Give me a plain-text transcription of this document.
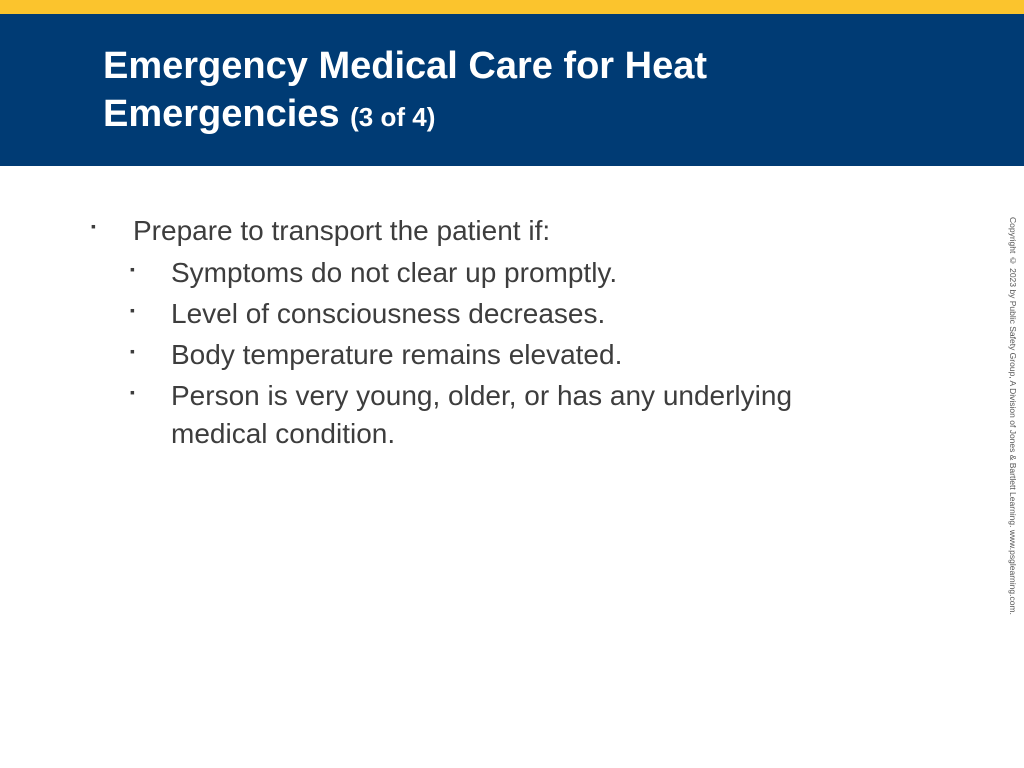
Emergency Medical Care for Heat Emergencies (3 of 4)
▪ Prepare to transport the patient if:
▪ Symptoms do not clear up promptly.
▪ Level of consciousness decreases.
▪ Body temperature remains elevated.
▪ Person is very young, older, or has any underlying medical condition.	Copyright © 2023 by Public Safety Group, A Division of Jones & Bartlett Learning. www.psglearning.com.
